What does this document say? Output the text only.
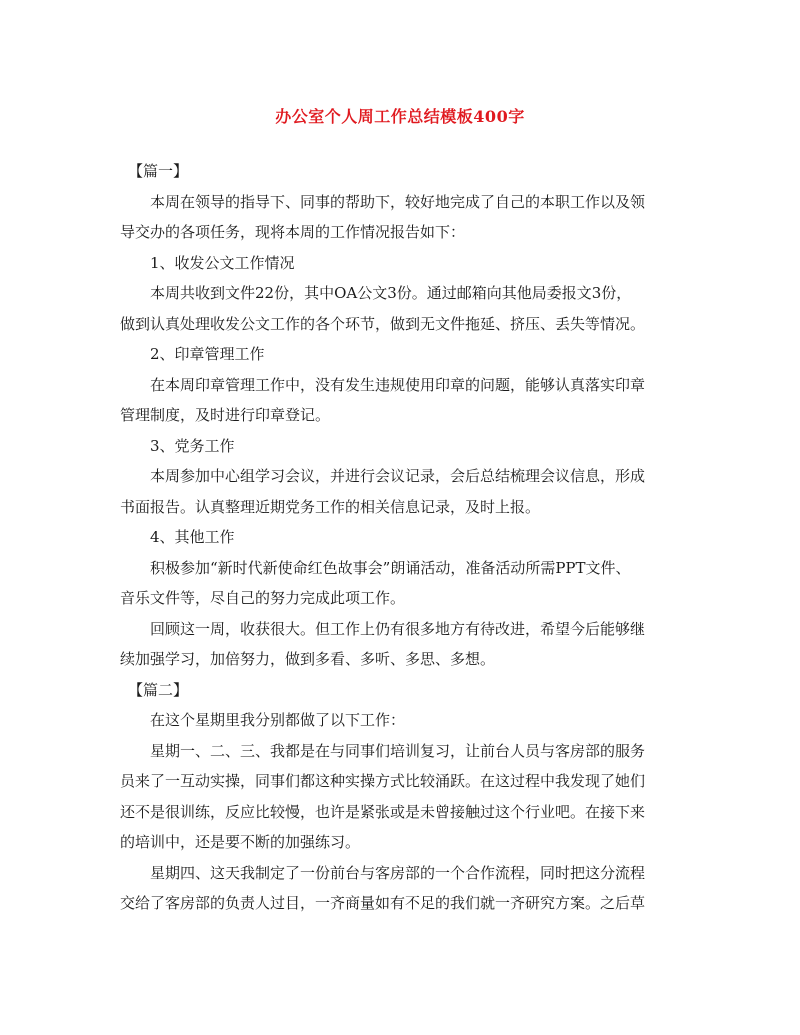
办公室个人周工作总结模板400字
【篇一】
本周在领导的指导下、同事的帮助下，较好地完成了自己的本职工作以及领
导交办的各项任务，现将本周的工作情况报告如下：
1、收发公文工作情况
本周共收到文件22份，其中OA公文3份。通过邮箱向其他局委报文3份，
做到认真处理收发公文工作的各个环节，做到无文件拖延、挤压、丢失等情况。
2、印章管理工作
在本周印章管理工作中，没有发生违规使用印章的问题，能够认真落实印章
管理制度，及时进行印章登记。
3、党务工作
本周参加中心组学习会议，并进行会议记录，会后总结梳理会议信息，形成
书面报告。认真整理近期党务工作的相关信息记录，及时上报。
4、其他工作
积极参加“新时代新使命红色故事会”朗诵活动，准备活动所需PPT文件、
音乐文件等，尽自己的努力完成此项工作。
回顾这一周，收获很大。但工作上仍有很多地方有待改进，希望今后能够继
续加强学习，加倍努力，做到多看、多听、多思、多想。
【篇二】
在这个星期里我分别都做了以下工作：
星期一、二、三、我都是在与同事们培训复习，让前台人员与客房部的服务
员来了一互动实操，同事们都这种实操方式比较涌跃。在这过程中我发现了她们
还不是很训练，反应比较慢，也许是紧张或是未曾接触过这个行业吧。在接下来
的培训中，还是要不断的加强练习。
星期四、这天我制定了一份前台与客房部的一个合作流程，同时把这分流程
交给了客房部的负责人过目，一齐商量如有不足的我们就一齐研究方案。之后草
